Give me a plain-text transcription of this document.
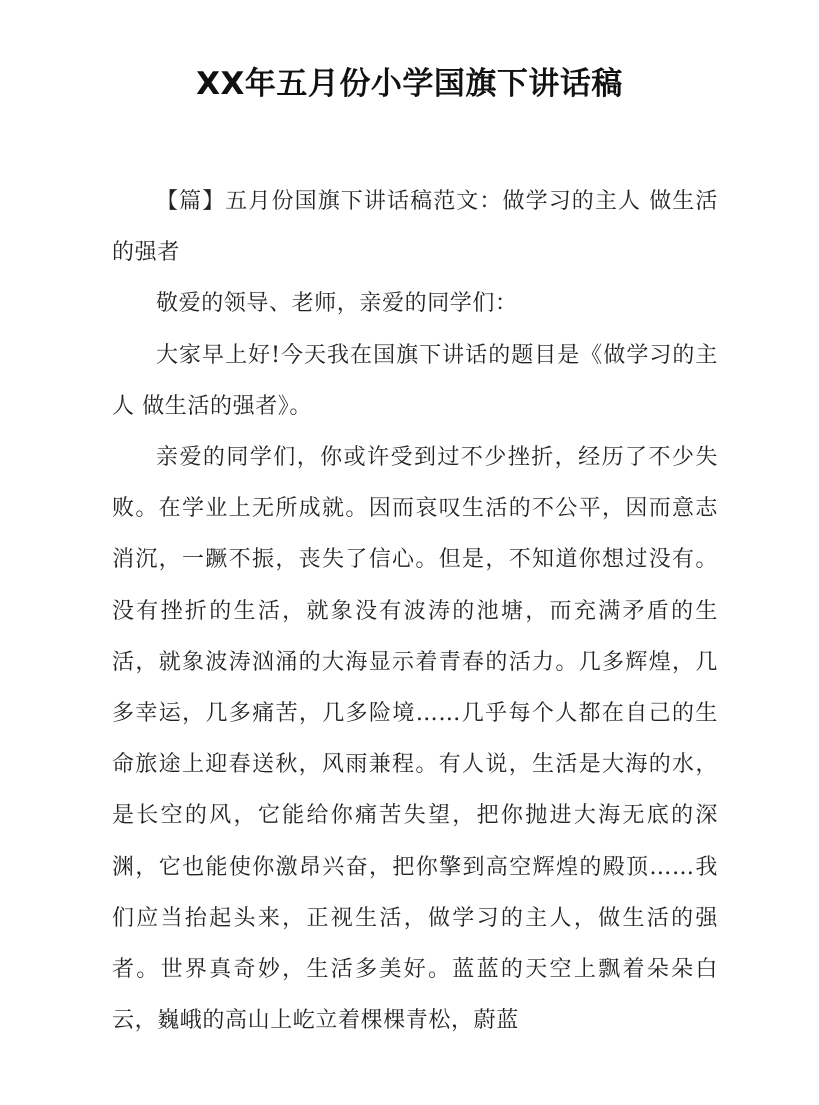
XX年五月份小学国旗下讲话稿

【篇】五月份国旗下讲话稿范文：做学习的主人 做生活的强者

敬爱的领导、老师，亲爱的同学们：

大家早上好!今天我在国旗下讲话的题目是《做学习的主人 做生活的强者》。

亲爱的同学们，你或许受到过不少挫折，经历了不少失败。在学业上无所成就。因而哀叹生活的不公平，因而意志消沉，一蹶不振，丧失了信心。但是，不知道你想过没有。没有挫折的生活，就象没有波涛的池塘，而充满矛盾的生活，就象波涛汹涌的大海显示着青春的活力。几多辉煌，几多幸运，几多痛苦，几多险境……几乎每个人都在自己的生命旅途上迎春送秋，风雨兼程。有人说，生活是大海的水，是长空的风，它能给你痛苦失望，把你抛进大海无底的深渊，它也能使你激昂兴奋，把你擎到高空辉煌的殿顶……我们应当抬起头来，正视生活，做学习的主人，做生活的强者。世界真奇妙，生活多美好。蓝蓝的天空上飘着朵朵白云，巍峨的高山上屹立着棵棵青松，蔚蓝
